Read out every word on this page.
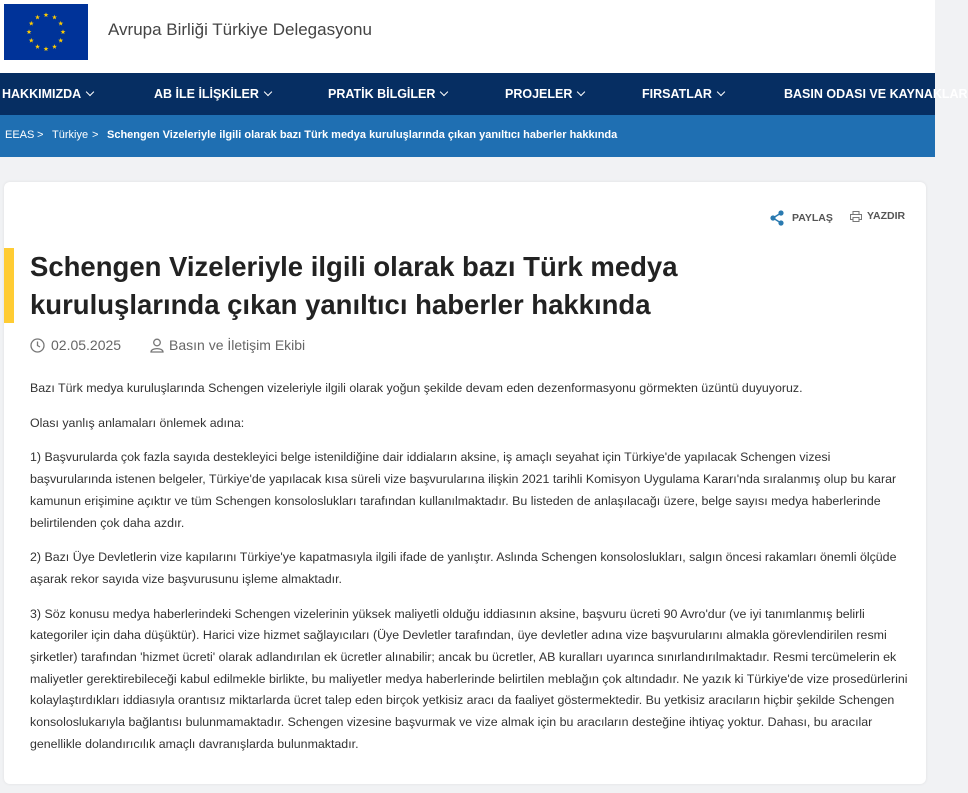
Avrupa Birliği Türkiye Delegasyonu
HAKKIMIZDA	AB İLE İLİŞKİLER	PRATİK BİLGİLER	PROJELER	FIRSATLAR	BASIN ODASI VE KAYNAKLAR
EEAS > Türkiye > Schengen Vizeleriyle ilgili olarak bazı Türk medya kuruluşlarında çıkan yanıltıcı haberler hakkında
PAYLAŞ	YAZDIR
Schengen Vizeleriyle ilgili olarak bazı Türk medya kuruluşlarında çıkan yanıltıcı haberler hakkında
02.05.2025	Basın ve İletişim Ekibi

Bazı Türk medya kuruluşlarında Schengen vizeleriyle ilgili olarak yoğun şekilde devam eden dezenformasyonu görmekten üzüntü duyuyoruz.

Olası yanlış anlamaları önlemek adına:

1) Başvurularda çok fazla sayıda destekleyici belge istenildiğine dair iddiaların aksine, iş amaçlı seyahat için Türkiye'de yapılacak Schengen vizesi başvurularında istenen belgeler, Türkiye'de yapılacak kısa süreli vize başvurularına ilişkin 2021 tarihli Komisyon Uygulama Kararı'nda sıralanmış olup bu karar kamunun erişimine açıktır ve tüm Schengen konsoloslukları tarafından kullanılmaktadır. Bu listeden de anlaşılacağı üzere, belge sayısı medya haberlerinde belirtilenden çok daha azdır.

2) Bazı Üye Devletlerin vize kapılarını Türkiye'ye kapatmasıyla ilgili ifade de yanlıştır. Aslında Schengen konsoloslukları, salgın öncesi rakamları önemli ölçüde aşarak rekor sayıda vize başvurusunu işleme almaktadır.

3) Söz konusu medya haberlerindeki Schengen vizelerinin yüksek maliyetli olduğu iddiasının aksine, başvuru ücreti 90 Avro'dur (ve iyi tanımlanmış belirli kategoriler için daha düşüktür). Harici vize hizmet sağlayıcıları (Üye Devletler tarafından, üye devletler adına vize başvurularını almakla görevlendirilen resmi şirketler) tarafından 'hizmet ücreti' olarak adlandırılan ek ücretler alınabilir; ancak bu ücretler, AB kuralları uyarınca sınırlandırılmaktadır. Resmi tercümelerin ek maliyetler gerektirebileceği kabul edilmekle birlikte, bu maliyetler medya haberlerinde belirtilen meblağın çok altındadır. Ne yazık ki Türkiye'de vize prosedürlerini kolaylaştırdıkları iddiasıyla orantısız miktarlarda ücret talep eden birçok yetkisiz aracı da faaliyet göstermektedir. Bu yetkisiz aracıların hiçbir şekilde Schengen konsoloslukarıyla bağlantısı bulunmamaktadır. Schengen vizesine başvurmak ve vize almak için bu aracıların desteğine ihtiyaç yoktur. Dahası, bu aracılar genellikle dolandırıcılık amaçlı davranışlarda bulunmaktadır.
